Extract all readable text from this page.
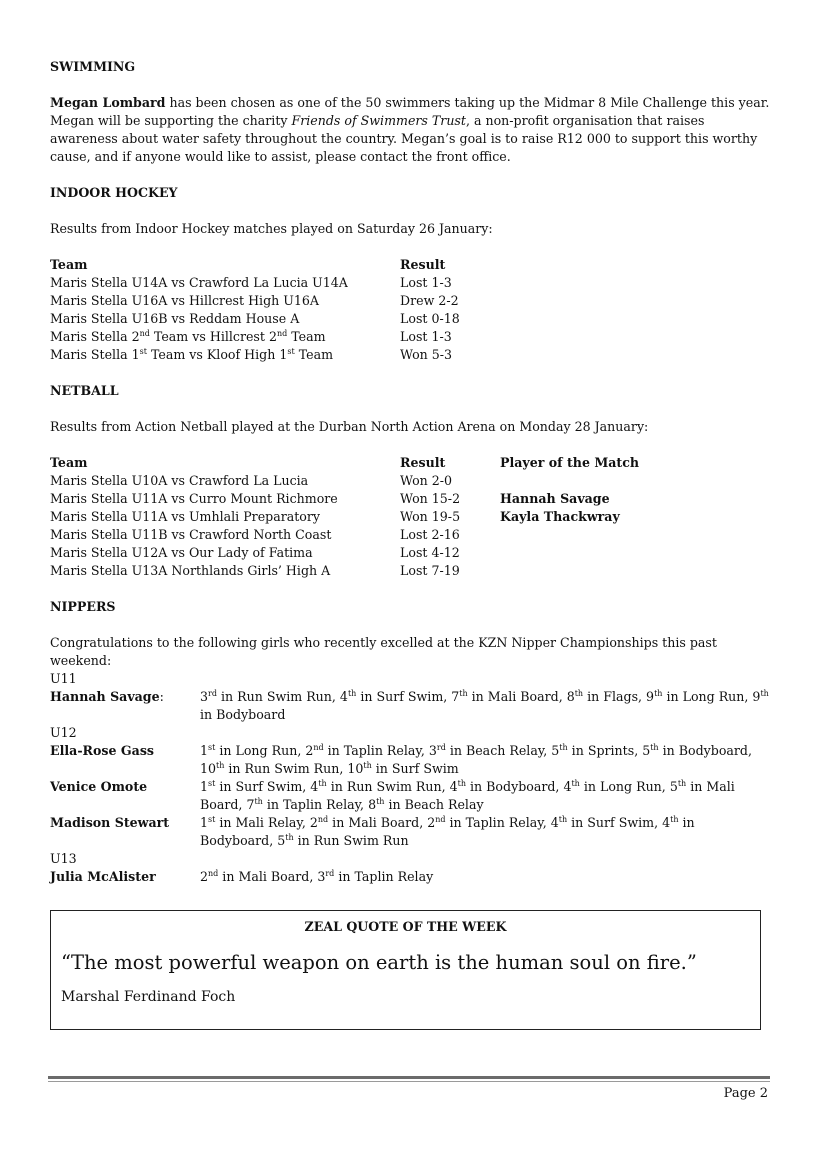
SWIMMING

Megan Lombard has been chosen as one of the 50 swimmers taking up the Midmar 8 Mile Challenge this year. Megan will be supporting the charity Friends of Swimmers Trust, a non-profit organisation that raises awareness about water safety throughout the country. Megan’s goal is to raise R12 000 to support this worthy cause, and if anyone would like to assist, please contact the front office.

INDOOR HOCKEY

Results from Indoor Hockey matches played on Saturday 26 January:

Team	Result
Maris Stella U14A vs Crawford La Lucia U14A	Lost 1-3
Maris Stella U16A vs Hillcrest High U16A	Drew 2-2
Maris Stella U16B vs Reddam House A	Lost 0-18
Maris Stella 2nd Team vs Hillcrest 2nd Team	Lost 1-3
Maris Stella 1st Team vs Kloof High 1st Team	Won 5-3
NETBALL

Results from Action Netball played at the Durban North Action Arena on Monday 28 January:

Team	Result	Player of the Match
Maris Stella U10A vs Crawford La Lucia	Won 2-0
Maris Stella U11A vs Curro Mount Richmore	Won 15-2	Hannah Savage
Maris Stella U11A vs Umhlali Preparatory	Won 19-5	Kayla Thackwray
Maris Stella U11B vs Crawford North Coast	Lost 2-16
Maris Stella U12A vs Our Lady of Fatima	Lost 4-12
Maris Stella U13A Northlands Girls’ High A	Lost 7-19
NIPPERS

Congratulations to the following girls who recently excelled at the KZN Nipper Championships this past weekend:

U11
Hannah Savage:	3rd in Run Swim Run, 4th in Surf Swim, 7th in Mali Board, 8th in Flags, 9th in Long Run, 9th in Bodyboard
U12
Ella-Rose Gass	1st in Long Run, 2nd in Taplin Relay, 3rd in Beach Relay, 5th in Sprints, 5th in Bodyboard, 10th in Run Swim Run, 10th in Surf Swim
Venice Omote	1st in Surf Swim, 4th in Run Swim Run, 4th in Bodyboard, 4th in Long Run, 5th in Mali Board, 7th in Taplin Relay, 8th in Beach Relay
Madison Stewart	1st in Mali Relay, 2nd in Mali Board, 2nd in Taplin Relay, 4th in Surf Swim, 4th in Bodyboard, 5th in Run Swim Run
U13
Julia McAlister	2nd in Mali Board, 3rd in Taplin Relay
ZEAL QUOTE OF THE WEEK
“The most powerful weapon on earth is the human soul on fire.”
Marshal Ferdinand Foch
Page 2
